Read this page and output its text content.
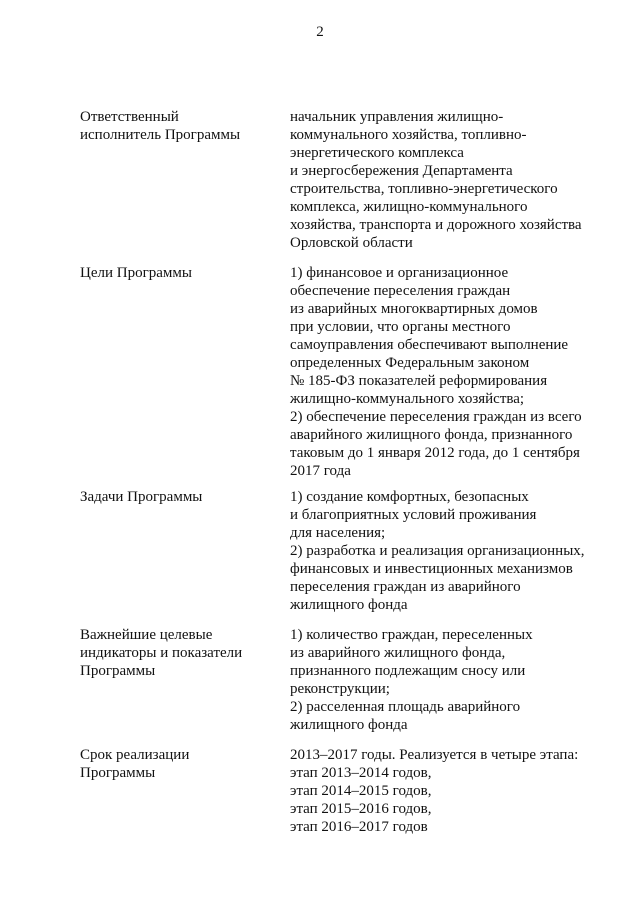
2
Ответственный
исполнитель Программы
начальник управления жилищно-
коммунального хозяйства, топливно-
энергетического комплекса
и энергосбережения Департамента
строительства, топливно-энергетического
комплекса, жилищно-коммунального
хозяйства, транспорта и дорожного хозяйства
Орловской области
Цели Программы	1) финансовое и организационное
обеспечение переселения граждан
из аварийных многоквартирных домов
при условии, что органы местного
самоуправления обеспечивают выполнение
определенных Федеральным законом
№ 185-ФЗ показателей реформирования
жилищно-коммунального хозяйства;
2) обеспечение переселения граждан из всего
аварийного жилищного фонда, признанного
таковым до 1 января 2012 года, до 1 сентября
2017 года
Задачи Программы	1) создание комфортных, безопасных
и благоприятных условий проживания
для населения;
2) разработка и реализация организационных,
финансовых и инвестиционных механизмов
переселения граждан из аварийного
жилищного фонда
Важнейшие целевые
индикаторы и показатели
Программы
1) количество граждан, переселенных
из аварийного жилищного фонда,
признанного подлежащим сносу или
реконструкции;
2) расселенная площадь аварийного
жилищного фонда
Срок реализации
Программы
2013–2017 годы. Реализуется в четыре этапа:
этап 2013–2014 годов,
этап 2014–2015 годов,
этап 2015–2016 годов,
этап 2016–2017 годов
